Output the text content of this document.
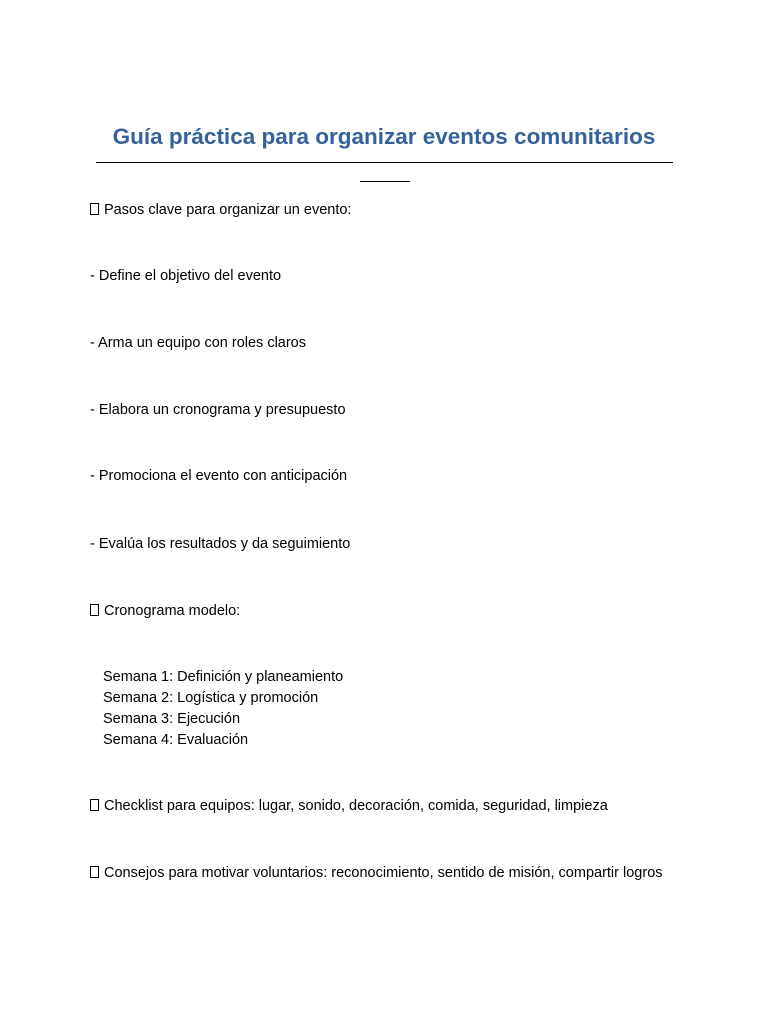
Guía práctica para organizar eventos comunitarios

Pasos clave para organizar un evento:

- Define el objetivo del evento

- Arma un equipo con roles claros

- Elabora un cronograma y presupuesto

- Promociona el evento con anticipación

- Evalúa los resultados y da seguimiento

Cronograma modelo:

Semana 1: Definición y planeamiento

Semana 2: Logística y promoción

Semana 3: Ejecución

Semana 4: Evaluación

Checklist para equipos: lugar, sonido, decoración, comida, seguridad, limpieza

Consejos para motivar voluntarios: reconocimiento, sentido de misión, compartir logros
